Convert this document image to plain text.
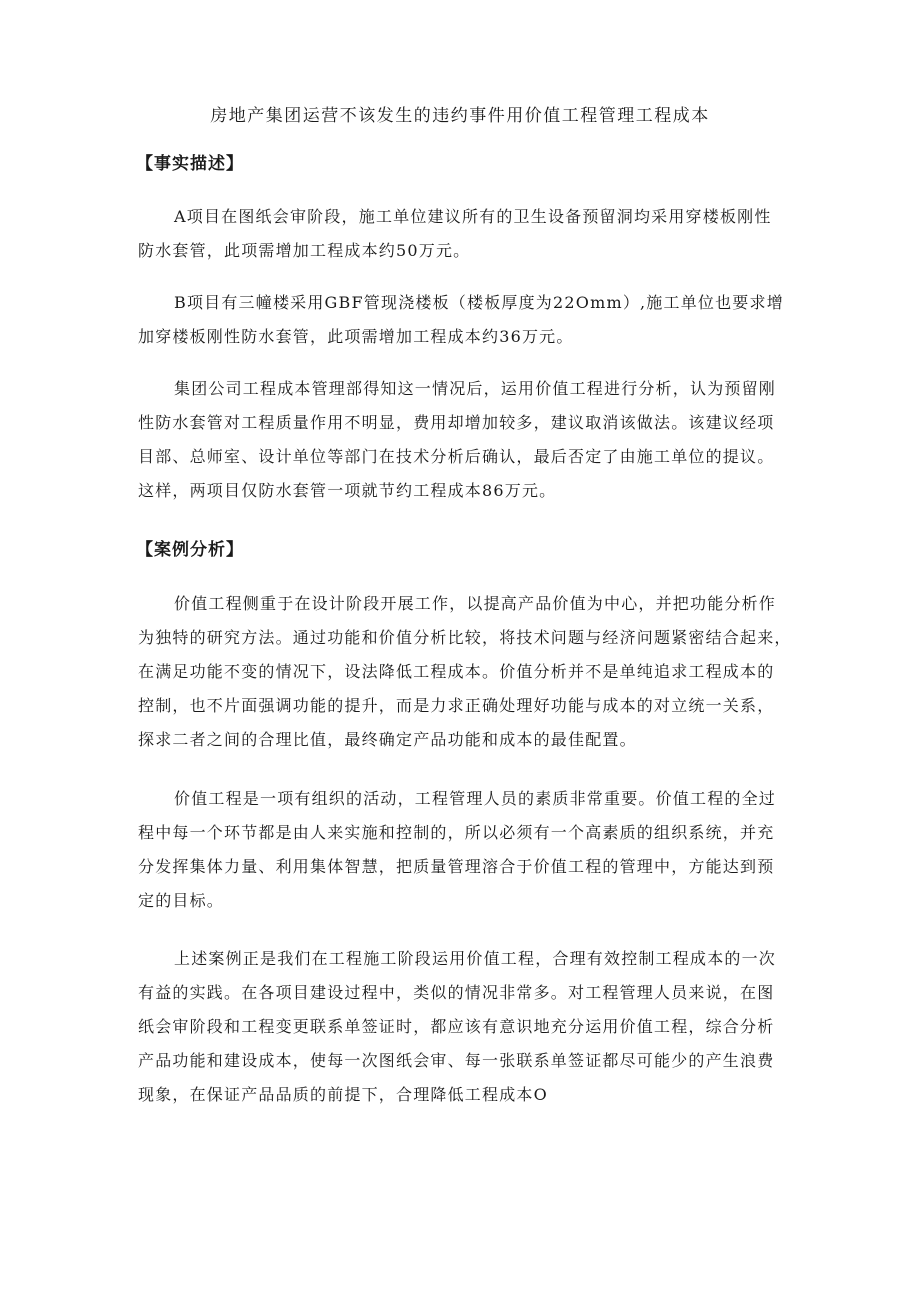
房地产集团运营不该发生的违约事件用价值工程管理工程成本
【事实描述】

A项目在图纸会审阶段，施工单位建议所有的卫生设备预留洞均采用穿楼板刚性
防水套管，此项需增加工程成本约50万元。

B项目有三幢楼采用GBF管现浇楼板（楼板厚度为22Omm）,施工单位也要求增
加穿楼板刚性防水套管，此项需增加工程成本约36万元。

集团公司工程成本管理部得知这一情况后，运用价值工程进行分析，认为预留刚
性防水套管对工程质量作用不明显，费用却增加较多，建议取消该做法。该建议经项
目部、总师室、设计单位等部门在技术分析后确认，最后否定了由施工单位的提议。
这样，两项目仅防水套管一项就节约工程成本86万元。

【案例分析】

价值工程侧重于在设计阶段开展工作，以提高产品价值为中心，并把功能分析作
为独特的研究方法。通过功能和价值分析比较，将技术问题与经济问题紧密结合起来，
在满足功能不变的情况下，设法降低工程成本。价值分析并不是单纯追求工程成本的
控制，也不片面强调功能的提升，而是力求正确处理好功能与成本的对立统一关系，
探求二者之间的合理比值，最终确定产品功能和成本的最佳配置。

价值工程是一项有组织的活动，工程管理人员的素质非常重要。价值工程的全过
程中每一个环节都是由人来实施和控制的，所以必须有一个高素质的组织系统，并充
分发挥集体力量、利用集体智慧，把质量管理溶合于价值工程的管理中，方能达到预
定的目标。

上述案例正是我们在工程施工阶段运用价值工程，合理有效控制工程成本的一次
有益的实践。在各项目建设过程中，类似的情况非常多。对工程管理人员来说，在图
纸会审阶段和工程变更联系单签证时，都应该有意识地充分运用价值工程，综合分析
产品功能和建设成本，使每一次图纸会审、每一张联系单签证都尽可能少的产生浪费
现象，在保证产品品质的前提下，合理降低工程成本O
